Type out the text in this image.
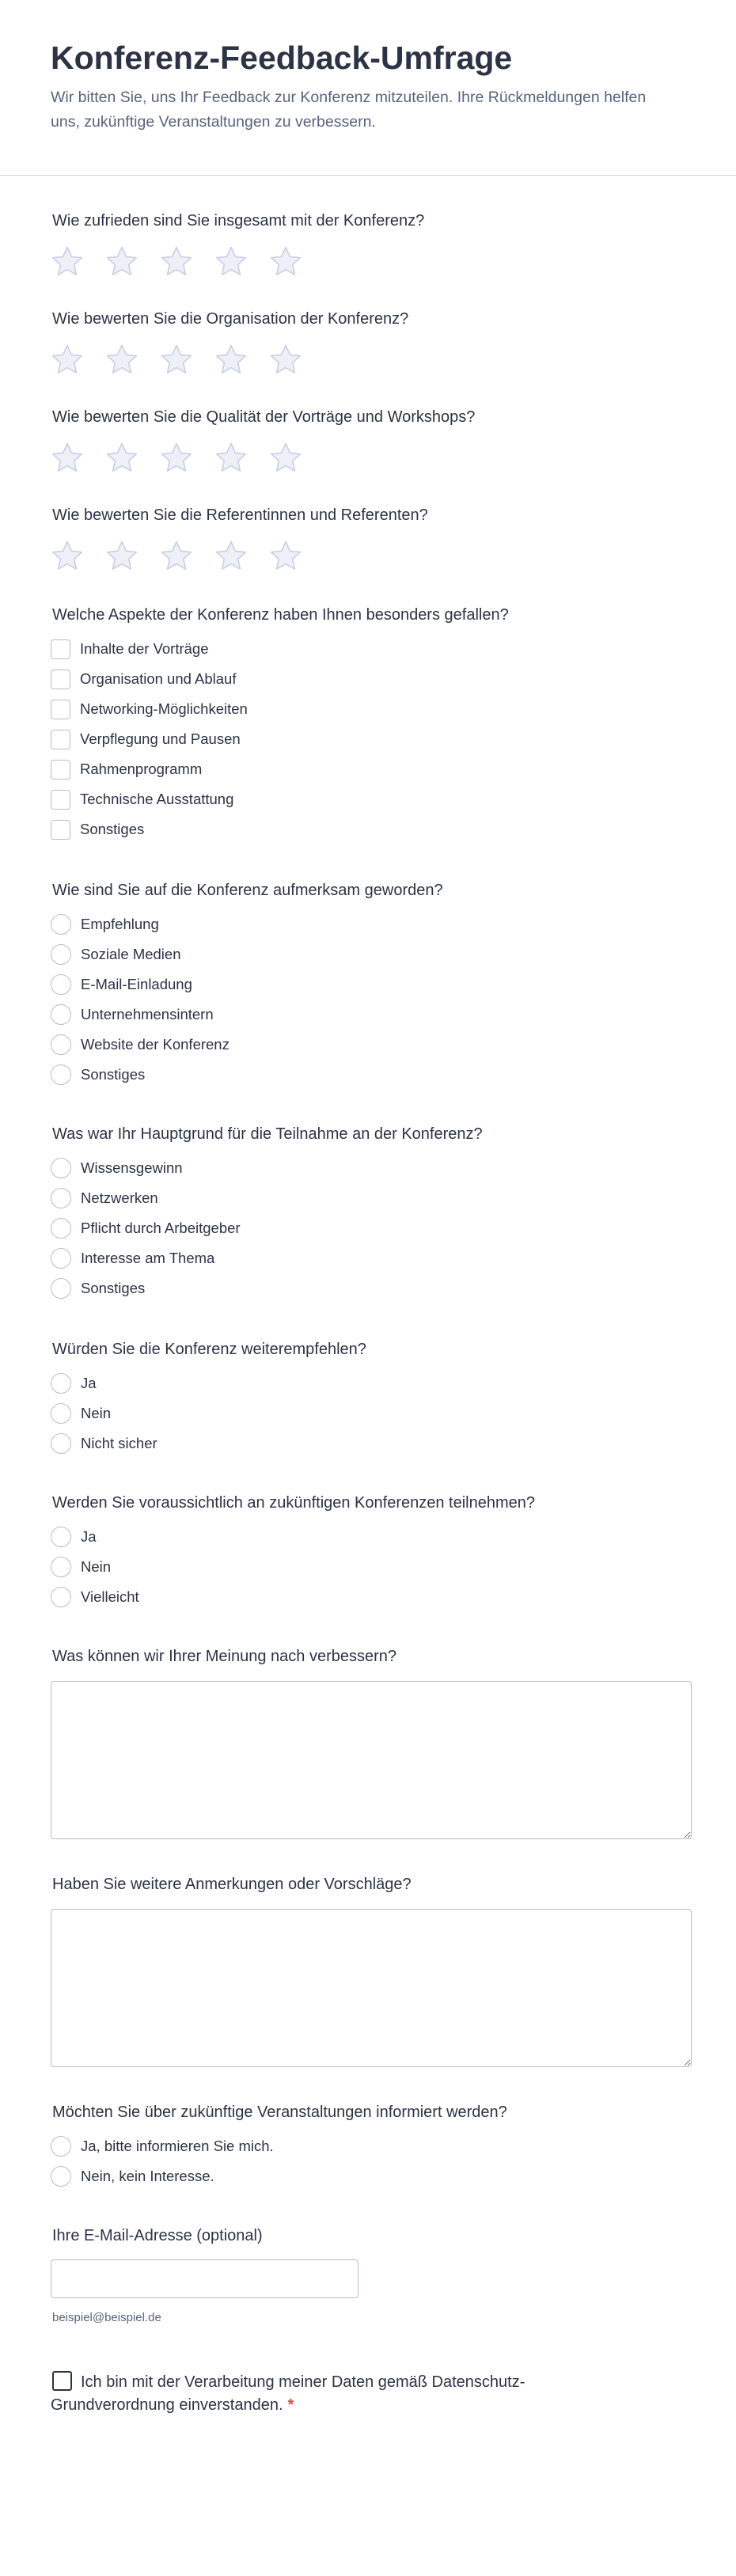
Konferenz-Feedback-Umfrage

Wir bitten Sie, uns Ihr Feedback zur Konferenz mitzuteilen. Ihre Rückmeldungen helfen uns, zukünftige Veranstaltungen zu verbessern.

Wie zufrieden sind Sie insgesamt mit der Konferenz?
Wie bewerten Sie die Organisation der Konferenz?
Wie bewerten Sie die Qualität der Vorträge und Workshops?
Wie bewerten Sie die Referentinnen und Referenten?
Welche Aspekte der Konferenz haben Ihnen besonders gefallen?
Inhalte der Vorträge
Organisation und Ablauf
Networking-Möglichkeiten
Verpflegung und Pausen
Rahmenprogramm
Technische Ausstattung
Sonstiges
Wie sind Sie auf die Konferenz aufmerksam geworden?
Empfehlung
Soziale Medien
E-Mail-Einladung
Unternehmensintern
Website der Konferenz
Sonstiges
Was war Ihr Hauptgrund für die Teilnahme an der Konferenz?
Wissensgewinn
Netzwerken
Pflicht durch Arbeitgeber
Interesse am Thema
Sonstiges
Würden Sie die Konferenz weiterempfehlen?
Ja
Nein
Nicht sicher
Werden Sie voraussichtlich an zukünftigen Konferenzen teilnehmen?
Ja
Nein
Vielleicht
Was können wir Ihrer Meinung nach verbessern?
Haben Sie weitere Anmerkungen oder Vorschläge?
Möchten Sie über zukünftige Veranstaltungen informiert werden?
Ja, bitte informieren Sie mich.
Nein, kein Interesse.
Ihre E-Mail-Adresse (optional)
beispiel@beispiel.de
Ich bin mit der Verarbeitung meiner Daten gemäß Datenschutz-Grundverordnung einverstanden. *
